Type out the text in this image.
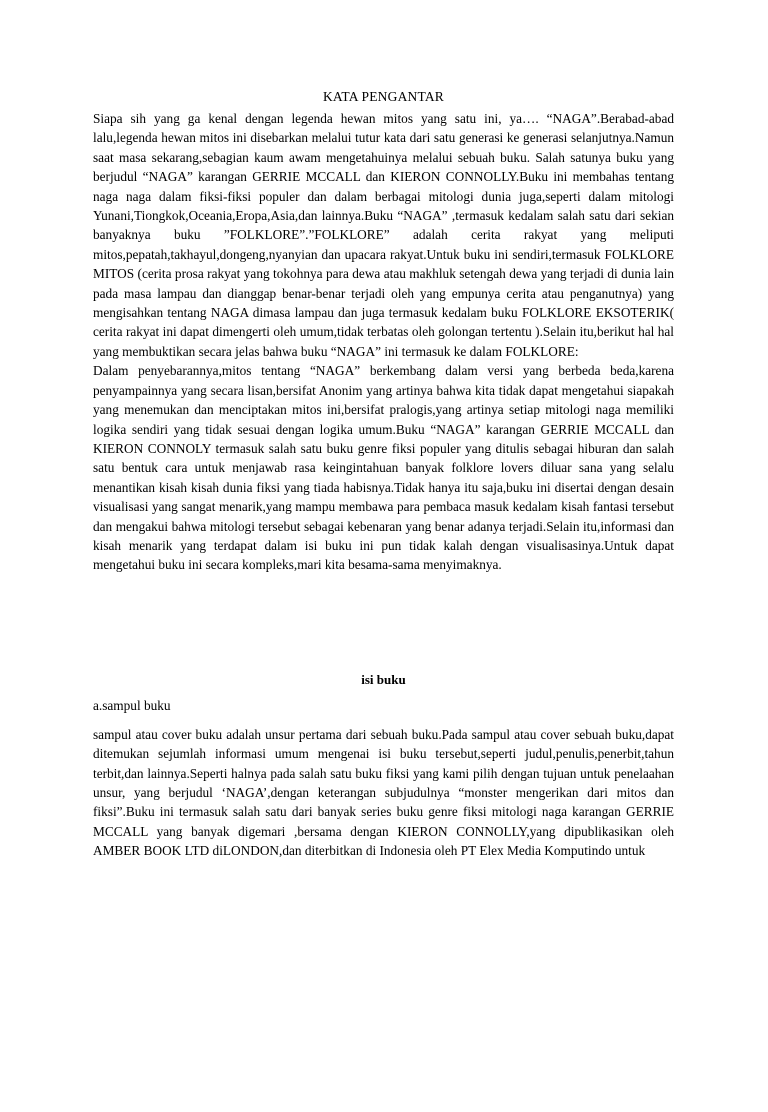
KATA PENGANTAR

Siapa sih yang ga kenal dengan legenda hewan mitos yang satu ini, ya…. “NAGA”.Berabad-abad lalu,legenda hewan mitos ini disebarkan melalui tutur kata dari satu generasi ke generasi selanjutnya.Namun saat masa sekarang,sebagian kaum awam mengetahuinya melalui sebuah buku. Salah satunya buku yang berjudul “NAGA” karangan GERRIE MCCALL dan KIERON CONNOLLY.Buku ini membahas tentang naga naga dalam fiksi-fiksi populer dan dalam berbagai mitologi dunia juga,seperti dalam mitologi Yunani,Tiongkok,Oceania,Eropa,Asia,dan lainnya.Buku “NAGA” ,termasuk kedalam salah satu dari sekian banyaknya buku ”FOLKLORE”.”FOLKLORE” adalah cerita rakyat yang meliputi mitos,pepatah,takhayul,dongeng,nyanyian dan upacara rakyat.Untuk buku ini sendiri,termasuk FOLKLORE MITOS (cerita prosa rakyat yang tokohnya para dewa atau makhluk setengah dewa yang terjadi di dunia lain pada masa lampau dan dianggap benar-benar terjadi oleh yang empunya cerita atau penganutnya) yang mengisahkan tentang NAGA dimasa lampau dan juga termasuk kedalam buku FOLKLORE EKSOTERIK( cerita rakyat ini dapat dimengerti oleh umum,tidak terbatas oleh golongan tertentu ).Selain itu,berikut hal hal yang membuktikan secara jelas bahwa buku “NAGA” ini termasuk ke dalam FOLKLORE:

Dalam penyebarannya,mitos tentang “NAGA” berkembang dalam versi yang berbeda beda,karena penyampainnya yang secara lisan,bersifat Anonim yang artinya bahwa kita tidak dapat mengetahui siapakah yang menemukan dan menciptakan mitos ini,bersifat pralogis,yang artinya setiap mitologi naga memiliki logika sendiri yang tidak sesuai dengan logika umum.Buku “NAGA” karangan GERRIE MCCALL dan KIERON CONNOLY termasuk salah satu buku genre fiksi populer yang ditulis sebagai hiburan dan salah satu bentuk cara untuk menjawab rasa keingintahuan banyak folklore lovers diluar sana yang selalu menantikan kisah kisah dunia fiksi yang tiada habisnya.Tidak hanya itu saja,buku ini disertai dengan desain visualisasi yang sangat menarik,yang mampu membawa para pembaca masuk kedalam kisah fantasi tersebut dan mengakui bahwa mitologi tersebut sebagai kebenaran yang benar adanya terjadi.Selain itu,informasi dan kisah menarik yang terdapat dalam isi buku ini pun tidak kalah dengan visualisasinya.Untuk dapat mengetahui buku ini secara kompleks,mari kita besama-sama menyimaknya.

isi buku

a.sampul buku

sampul atau cover buku adalah unsur pertama dari sebuah buku.Pada sampul atau cover sebuah buku,dapat ditemukan sejumlah informasi umum mengenai isi buku tersebut,seperti judul,penulis,penerbit,tahun terbit,dan lainnya.Seperti halnya pada salah satu buku fiksi yang kami pilih dengan tujuan untuk penelaahan unsur, yang berjudul ‘NAGA’,dengan keterangan subjudulnya “monster mengerikan dari mitos dan fiksi”.Buku ini termasuk salah satu dari banyak series buku genre fiksi mitologi naga karangan GERRIE MCCALL yang banyak digemari ,bersama dengan KIERON CONNOLLY,yang dipublikasikan oleh AMBER BOOK LTD diLONDON,dan diterbitkan di Indonesia oleh PT Elex Media Komputindo untuk
